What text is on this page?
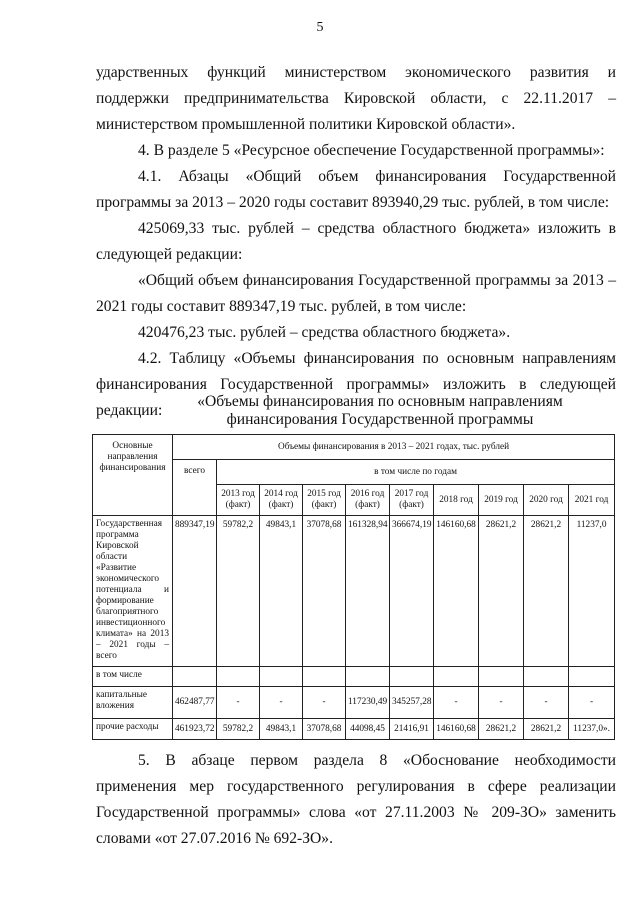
5

ударственных функций министерством экономического развития и поддержки предпринимательства Кировской области, с 22.11.2017 – министерством промышленной политики Кировской области».

4. В разделе 5 «Ресурсное обеспечение Государственной программы»:

4.1. Абзацы «Общий объем финансирования Государственной программы за 2013 – 2020 годы составит 893940,29 тыс. рублей, в том числе:

425069,33 тыс. рублей – средства областного бюджета» изложить в следующей редакции:

«Общий объем финансирования Государственной программы за 2013 – 2021 годы составит 889347,19 тыс. рублей, в том числе:

420476,23 тыс. рублей – средства областного бюджета».

4.2. Таблицу «Объемы финансирования по основным направлениям финансирования Государственной программы» изложить в следующей редакции:

«Объемы финансирования по основным направлениям финансирования Государственной программы
Основные направления финансирования	Объемы финансирования в 2013 – 2021 годах, тыс. рублей									
	всего	в том числе по годам								
		2013 год (факт)	2014 год (факт)	2015 год (факт)	2016 год (факт)	2017 год (факт)	2018 год	2019 год	2020 год	2021 год
Государственная программа Кировской области «Развитие экономического потенциала и формирование благоприятного инвестиционного климата» на 2013 – 2021 годы – всего	889347,19	59782,2	49843,1	37078,68	161328,94	366674,19	146160,68	28621,2	28621,2	11237,0
в том числе										
капитальные вложения	462487,77	-	-	-	117230,49	345257,28	-	-	-	-
прочие расходы	461923,72	59782,2	49843,1	37078,68	44098,45	21416,91	146160,68	28621,2	28621,2	11237,0».

5. В абзаце первом раздела 8 «Обоснование необходимости применения мер государственного регулирования в сфере реализации Государственной программы» слова «от 27.11.2003 № 209-ЗО» заменить словами «от 27.07.2016 № 692-ЗО».
